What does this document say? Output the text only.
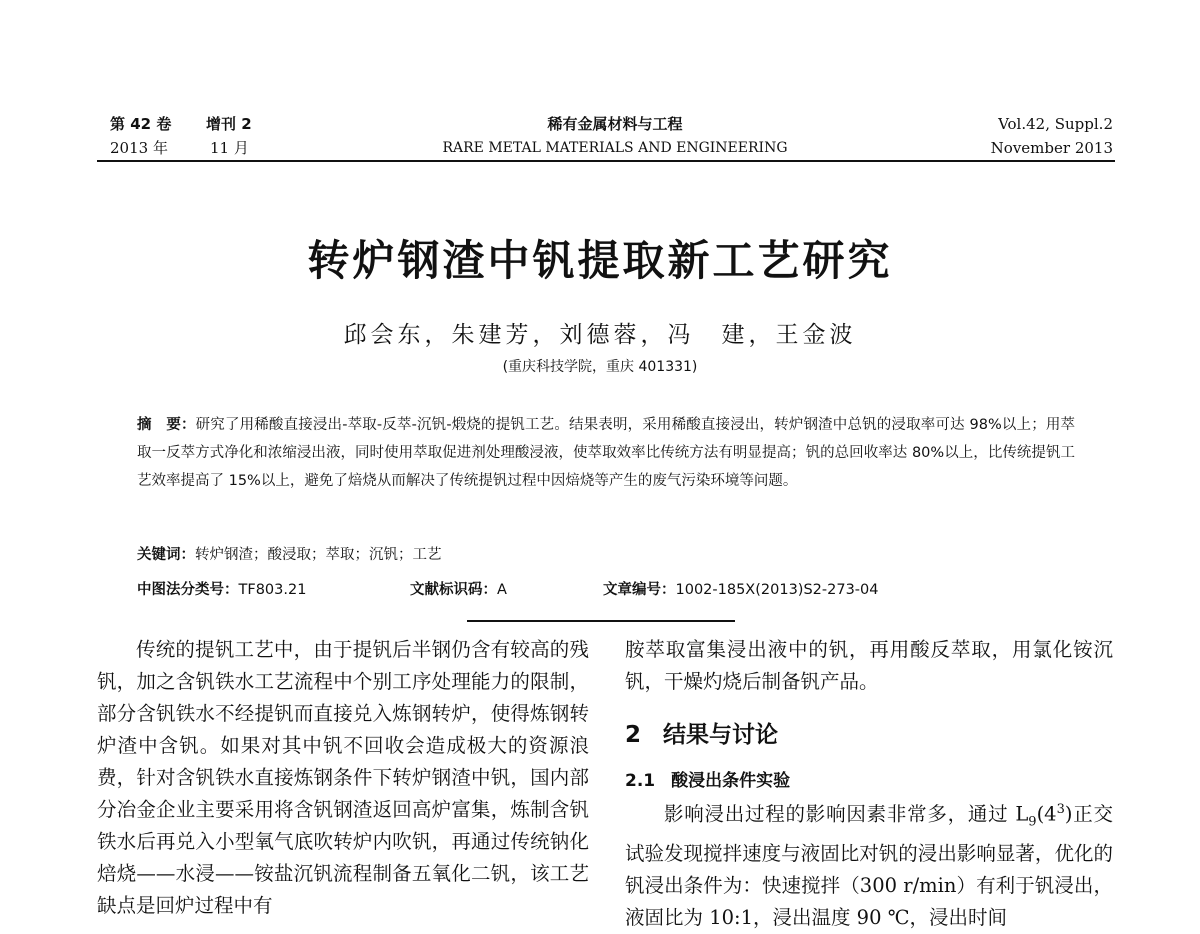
第 42 卷 增刊 2
2013 年	11 月
稀有金属材料与工程
RARE METAL MATERIALS AND ENGINEERING
Vol.42, Suppl.2
November 2013
转炉钢渣中钒提取新工艺研究
邱会东，朱建芳，刘德蓉，冯　建，王金波
(重庆科技学院，重庆 401331)
摘　要：研究了用稀酸直接浸出-萃取-反萃-沉钒-煅烧的提钒工艺。结果表明，采用稀酸直接浸出，转炉钢渣中总钒的浸取率可达 98%以上；用萃取一反萃方式净化和浓缩浸出液，同时使用萃取促进剂处理酸浸液，使萃取效率比传统方法有明显提高；钒的总回收率达 80%以上，比传统提钒工艺效率提高了 15%以上，避免了焙烧从而解决了传统提钒过程中因焙烧等产生的废气污染环境等问题。
关键词：转炉钢渣；酸浸取；萃取；沉钒；工艺
中图法分类号：TF803.21	文献标识码：A	文章编号：1002-185X(2013)S2-273-04
传统的提钒工艺中，由于提钒后半钢仍含有较高的残钒，加之含钒铁水工艺流程中个别工序处理能力的限制，部分含钒铁水不经提钒而直接兑入炼钢转炉，使得炼钢转炉渣中含钒。如果对其中钒不回收会造成极大的资源浪费，针对含钒铁水直接炼钢条件下转炉钢渣中钒，国内部分冶金企业主要采用将含钒钢渣返回高炉富集，炼制含钒铁水后再兑入小型氧气底吹转炉内吹钒，再通过传统钠化焙烧——水浸——铵盐沉钒流程制备五氧化二钒，该工艺缺点是回炉过程中有
胺萃取富集浸出液中的钒，再用酸反萃取，用氯化铵沉钒，干燥灼烧后制备钒产品。
2 结果与讨论
2.1 酸浸出条件实验
影响浸出过程的影响因素非常多，通过 $L_9(4^3)$正交试验发现搅拌速度与液固比对钒的浸出影响显著，优化的钒浸出条件为：快速搅拌（300 r/min）有利于钒浸出，液固比为 10:1，浸出温度 90 ℃，浸出时间
